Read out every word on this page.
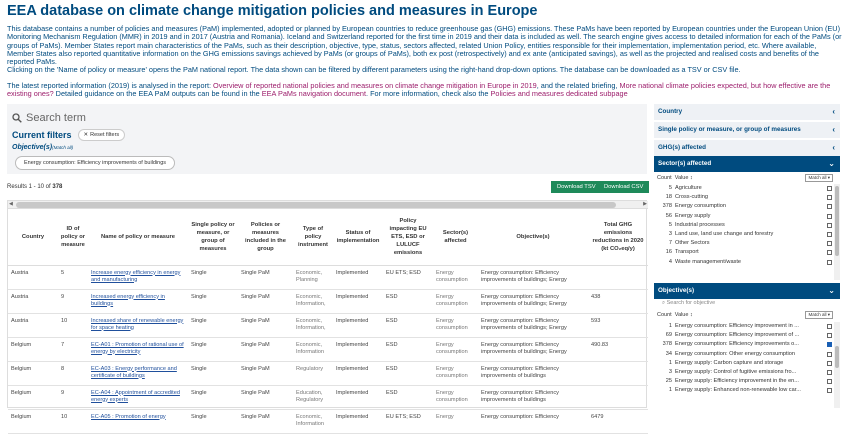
EEA database on climate change mitigation policies and measures in Europe

This database contains a number of policies and measures (PaM) implemented, adopted or planned by European countries to reduce greenhouse gas (GHG) emissions. These PaMs have been reported by European countries under the European Union (EU) Monitoring Mechanism Regulation (MMR) in 2019 and in 2017 (Austria and Romania). Iceland and Switzerland reported for the first time in 2019 and their data is included as well. The search engine gives access to detailed information for each of the PaMs (or groups of PaMs). Member States report main characteristics of the PaMs, such as their description, objective, type, status, sectors affected, related Union Policy, entities responsible for their implementation, implementation period, etc. Where available, Member States also reported quantitative information on the GHG emissions savings achieved by PaMs (or groups of PaMs), both ex post (retrospectively) and ex ante (anticipated savings), as well as the projected and realised costs and benefits of the reported PaMs.

Clicking on the 'Name of policy or measure' opens the PaM national report. The data shown can be filtered by different parameters using the right-hand drop-down options. The database can be downloaded as a TSV or CSV file.

The latest reported information (2019) is analysed in the report: Overview of reported national policies and measures on climate change mitigation in Europe in 2019, and the related briefing, More national climate policies expected, but how effective are the existing ones? Detailed guidance on the EEA PaM outputs can be found in the EEA PaMs navigation document. For more information, check also the Policies and measures dedicated subpage
Search term
Current filters ✕ Reset filters
Objective(s)(Match all)
Energy consumption: Efficiency improvements of buildings
Results 1 - 10 of 378	Download TSV	Download CSV
◀	▶
Country	ID of policy or measure	Name of policy or measure	Single policy or measure, or group of measures	Policies or measures included in the group	Type of policy instrument	Status of implementation	Policy impacting EU ETS, ESD or LULUCF emissions	Sector(s) affected	Objective(s)	Total GHG emissions reductions in 2020 (kt CO₂eq/y)
Austria	5	Increase energy efficiency in energy and manufacturing	Single	Single PaM	Economic, Planning	Implemented	EU ETS; ESD	Energy consumption	Energy consumption: Efficiency improvements of buildings; Energy	
Austria	9	Increased energy efficiency in buildings	Single	Single PaM	Economic, Information,	Implemented	ESD	Energy consumption	Energy consumption: Efficiency improvements of buildings; Energy	438
Austria	10	Increased share of renewable energy for space heating	Single	Single PaM	Economic, Information,	Implemented	ESD	Energy consumption	Energy consumption: Efficiency improvements of buildings; Energy	593
Belgium	7	EC-A01 : Promotion of rational use of energy by electricity	Single	Single PaM	Economic, Information	Implemented	ESD	Energy consumption	Energy consumption: Efficiency improvements of buildings; Energy	490.83
Belgium	8	EC-A03 : Energy performance and certificate of buildings	Single	Single PaM	Regulatory	Implemented	ESD	Energy consumption	Energy consumption: Efficiency improvements of buildings	
Belgium	9	EC-A04 : Appointment of accredited energy experts	Single	Single PaM	Education, Regulatory	Implemented	ESD	Energy consumption	Energy consumption: Efficiency improvements of buildings	
Belgium	10	EC-A05 : Promotion of energy	Single	Single PaM	Economic, Information	Implemented	EU ETS; ESD	Energy	Energy consumption: Efficiency	6479
Country	‹
Single policy or measure, or group of measures	‹
GHG(s) affected	‹
Sector(s) affected	⌄
Count Value ↕	Match all ▾
5 Agriculture
18 Cross-cutting
378 Energy consumption
56 Energy supply
5 Industrial processes
3 Land use, land use change and forestry
7 Other Sectors
16 Transport
4 Waste management/waste
Objective(s)	⌄
⌕ Search for objective
Count Value ↕	Match all ▾
1 Energy consumption: Efficiency improvement in ...
69 Energy consumption: Efficiency improvement of ...
378 Energy consumption: Efficiency improvements o...
34 Energy consumption: Other energy consumption
1 Energy supply: Carbon capture and storage
3 Energy supply: Control of fugitive emissions fro...
25 Energy supply: Efficiency improvement in the en...
1 Energy supply: Enhanced non-renewable low car...
